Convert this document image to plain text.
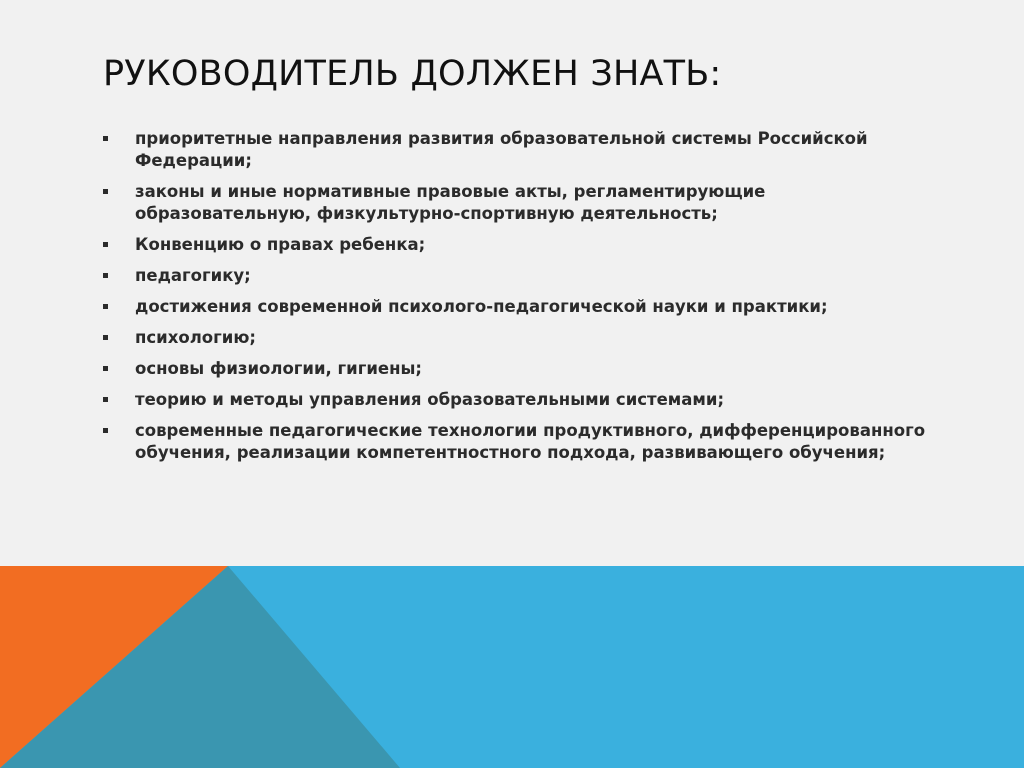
РУКОВОДИТЕЛЬ ДОЛЖЕН ЗНАТЬ:
приоритетные направления развития образовательной системы Российской Федерации;
законы и иные нормативные правовые акты, регламентирующие образовательную, физкультурно-спортивную деятельность;
Конвенцию о правах ребенка;
педагогику;
достижения современной психолого-педагогической науки и практики;
психологию;
основы физиологии, гигиены;
теорию и методы управления образовательными системами;
современные педагогические технологии продуктивного, дифференцированного обучения, реализации компетентностного подхода, развивающего обучения;
